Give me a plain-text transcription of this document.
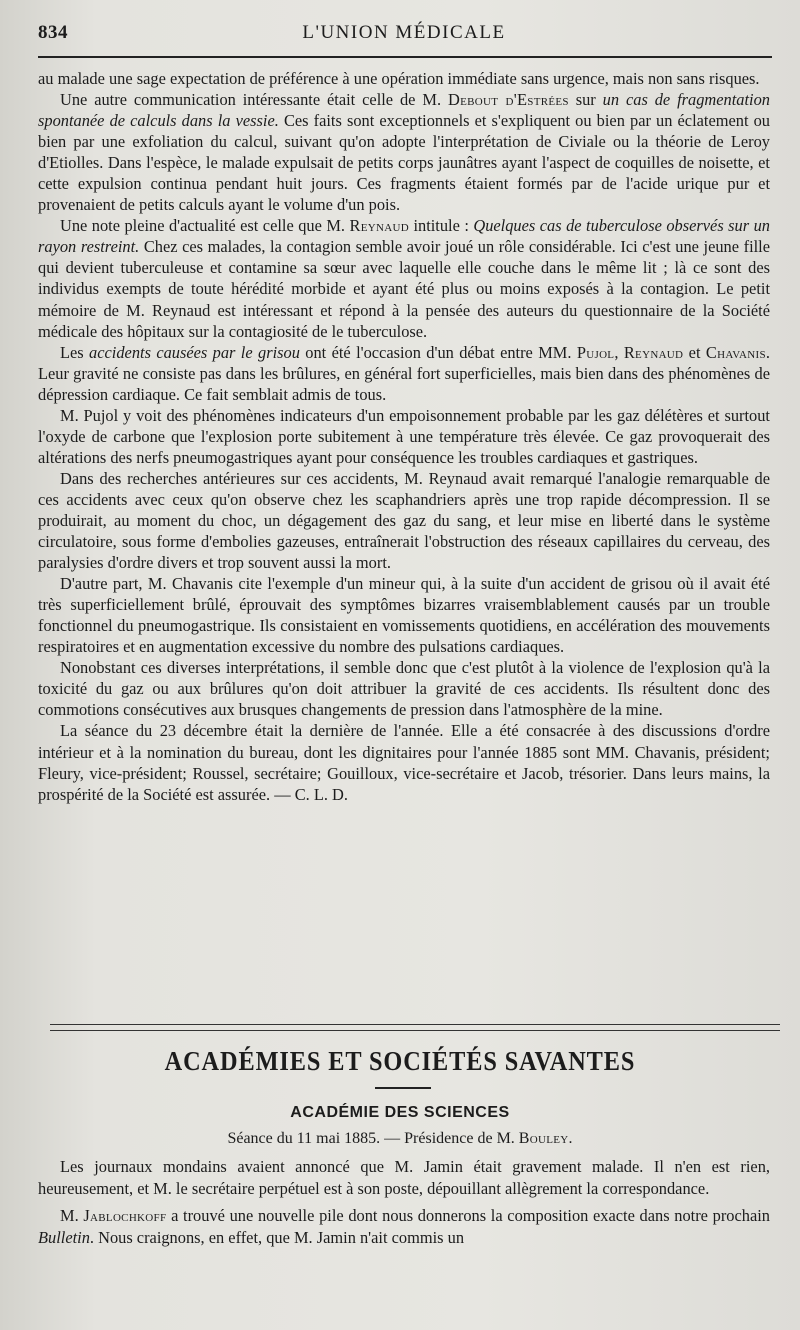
834	L'UNION MÉDICALE

au malade une sage expectation de préférence à une opération immédiate sans urgence, mais non sans risques.

Une autre communication intéressante était celle de M. Debout d'Estrées sur un cas de fragmentation spontanée de calculs dans la vessie. Ces faits sont exceptionnels et s'expliquent ou bien par un éclatement ou bien par une exfoliation du calcul, suivant qu'on adopte l'interprétation de Civiale ou la théorie de Leroy d'Etiolles. Dans l'espèce, le malade expulsait de petits corps jaunâtres ayant l'aspect de coquilles de noisette, et cette expulsion continua pendant huit jours. Ces fragments étaient formés par de l'acide urique pur et provenaient de petits calculs ayant le volume d'un pois.

Une note pleine d'actualité est celle que M. Reynaud intitule : Quelques cas de tuberculose observés sur un rayon restreint. Chez ces malades, la contagion semble avoir joué un rôle considérable. Ici c'est une jeune fille qui devient tuberculeuse et contamine sa sœur avec laquelle elle couche dans le même lit ; là ce sont des individus exempts de toute hérédité morbide et ayant été plus ou moins exposés à la contagion. Le petit mémoire de M. Reynaud est intéressant et répond à la pensée des auteurs du questionnaire de la Société médicale des hôpitaux sur la contagiosité de le tuberculose.

Les accidents causées par le grisou ont été l'occasion d'un débat entre MM. Pujol, Reynaud et Chavanis. Leur gravité ne consiste pas dans les brûlures, en général fort superficielles, mais bien dans des phénomènes de dépression cardiaque. Ce fait semblait admis de tous.

M. Pujol y voit des phénomènes indicateurs d'un empoisonnement probable par les gaz délétères et surtout l'oxyde de carbone que l'explosion porte subitement à une température très élevée. Ce gaz provoquerait des altérations des nerfs pneumogastriques ayant pour conséquence les troubles cardiaques et gastriques.

Dans des recherches antérieures sur ces accidents, M. Reynaud avait remarqué l'analogie remarquable de ces accidents avec ceux qu'on observe chez les scaphandriers après une trop rapide décompression. Il se produirait, au moment du choc, un dégagement des gaz du sang, et leur mise en liberté dans le système circulatoire, sous forme d'embolies gazeuses, entraînerait l'obstruction des réseaux capillaires du cerveau, des paralysies d'ordre divers et trop souvent aussi la mort.

D'autre part, M. Chavanis cite l'exemple d'un mineur qui, à la suite d'un accident de grisou où il avait été très superficiellement brûlé, éprouvait des symptômes bizarres vraisemblablement causés par un trouble fonctionnel du pneumogastrique. Ils consistaient en vomissements quotidiens, en accélération des mouvements respiratoires et en augmentation excessive du nombre des pulsations cardiaques.

Nonobstant ces diverses interprétations, il semble donc que c'est plutôt à la violence de l'explosion qu'à la toxicité du gaz ou aux brûlures qu'on doit attribuer la gravité de ces accidents. Ils résultent donc des commotions consécutives aux brusques changements de pression dans l'atmosphère de la mine.

La séance du 23 décembre était la dernière de l'année. Elle a été consacrée à des discussions d'ordre intérieur et à la nomination du bureau, dont les dignitaires pour l'année 1885 sont MM. Chavanis, président; Fleury, vice-président; Roussel, secrétaire; Gouilloux, vice-secrétaire et Jacob, trésorier. Dans leurs mains, la prospérité de la Société est assurée. — C. L. D.

ACADÉMIES ET SOCIÉTÉS SAVANTES
ACADÉMIE DES SCIENCES
Séance du 11 mai 1885. — Présidence de M. Bouley.

Les journaux mondains avaient annoncé que M. Jamin était gravement malade. Il n'en est rien, heureusement, et M. le secrétaire perpétuel est à son poste, dépouillant allègrement la correspondance.

M. Jablochkoff a trouvé une nouvelle pile dont nous donnerons la composition exacte dans notre prochain Bulletin. Nous craignons, en effet, que M. Jamin n'ait commis un
